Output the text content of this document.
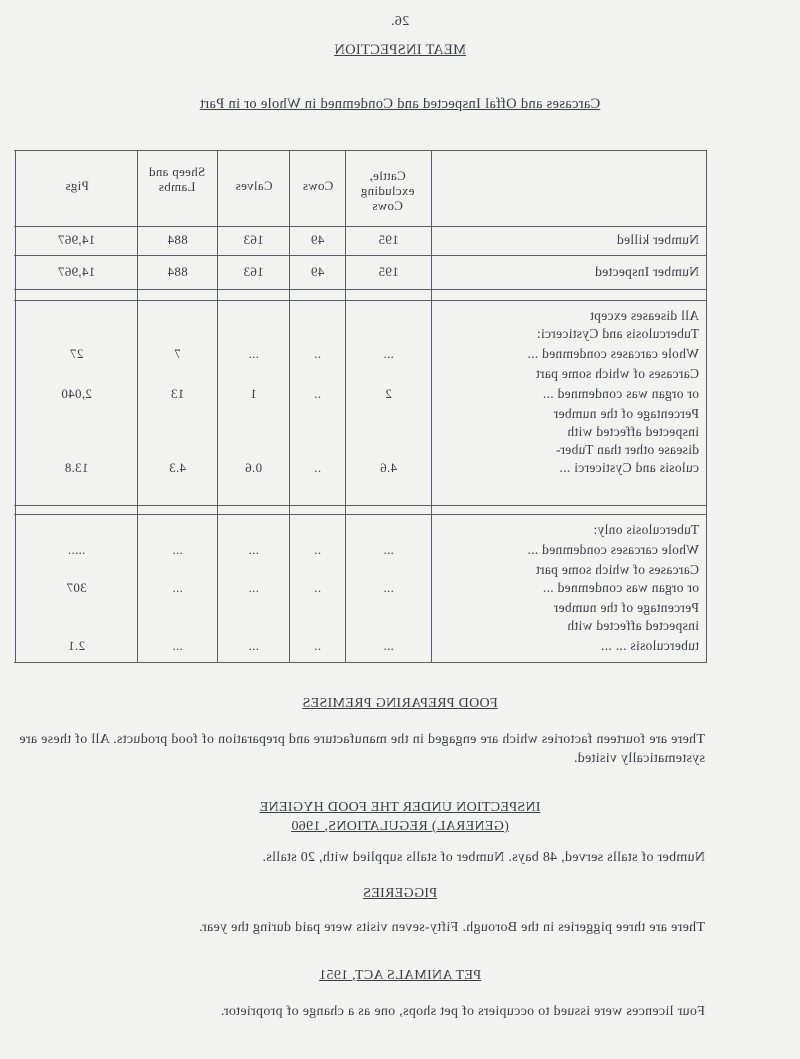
26.
MEAT INSPECTION
Carcases and Offal Inspected and Condemned in Whole or in Part
Cattle, excluding Cows
Cows
Calves
Sheep and Lambs
Pigs
Number killed
195
49
163
884
14,967
Number Inspected
195
49
163
884
14,967
All diseases except
Tuberculosis and Cysticerci:
Whole carcases condemned ...
Carcases of which some part
or organ was condemned ...
Percentage of the number
inspected affected with
disease other than Tuber-
culosis and Cysticerci ...
...
..
...
7
27
2
..
1
13
2,040
4.6
..
0.6
4.3
13.8
Tuberculosis only:
Whole carcases condemned ...
Carcases of which some part
or organ was condemned ...
Percentage of the number
inspected affected with
tuberculosis ... ...
...
..
...
...
.....
...
..
...
...
307
...
..
...
...
2.1
FOOD PREPARING PREMISES
There are fourteen factories which are engaged in the manufacture and preparation of food products. All of these are systematically visited.
INSPECTION UNDER THE FOOD HYGIENE
(GENERAL) REGULATIONS, 1960
Number of stalls served, 48 bays. Number of stalls supplied with, 20 stalls.
PIGGERIES
There are three piggeries in the Borough. Fifty-seven visits were paid during the year.
PET ANIMALS ACT, 1951
Four licences were issued to occupiers of pet shops, one as a change of proprietor.
